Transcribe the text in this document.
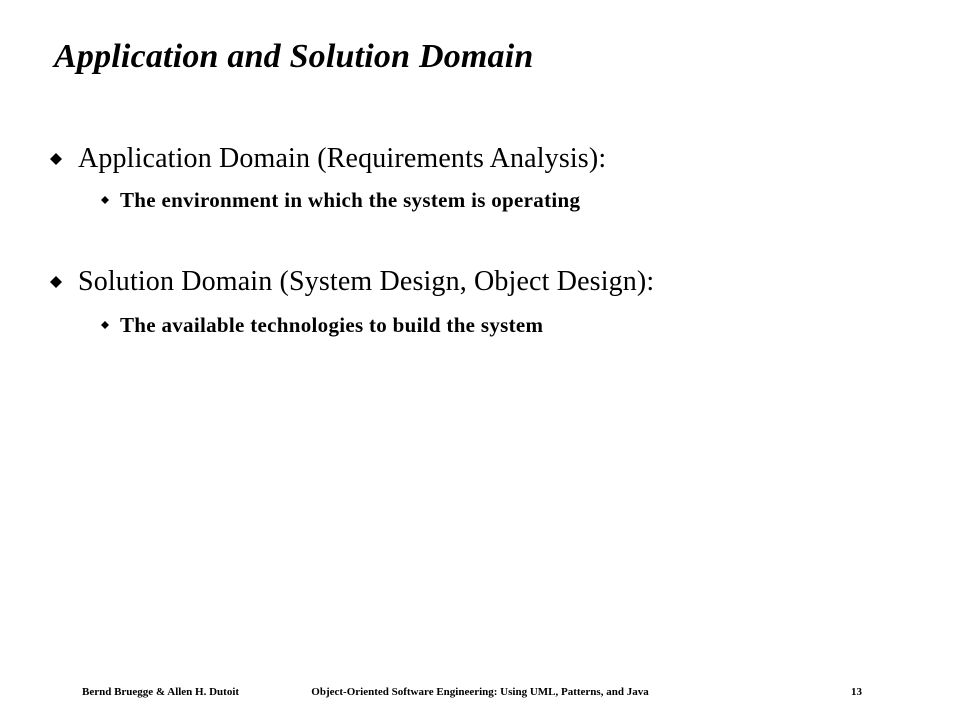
Application and Solution Domain
Application Domain (Requirements Analysis):
The environment in which the system is operating
Solution Domain (System Design, Object Design):
The available technologies to build the system
Bernd Bruegge & Allen H. Dutoit	Object-Oriented Software Engineering: Using UML, Patterns, and Java	13
